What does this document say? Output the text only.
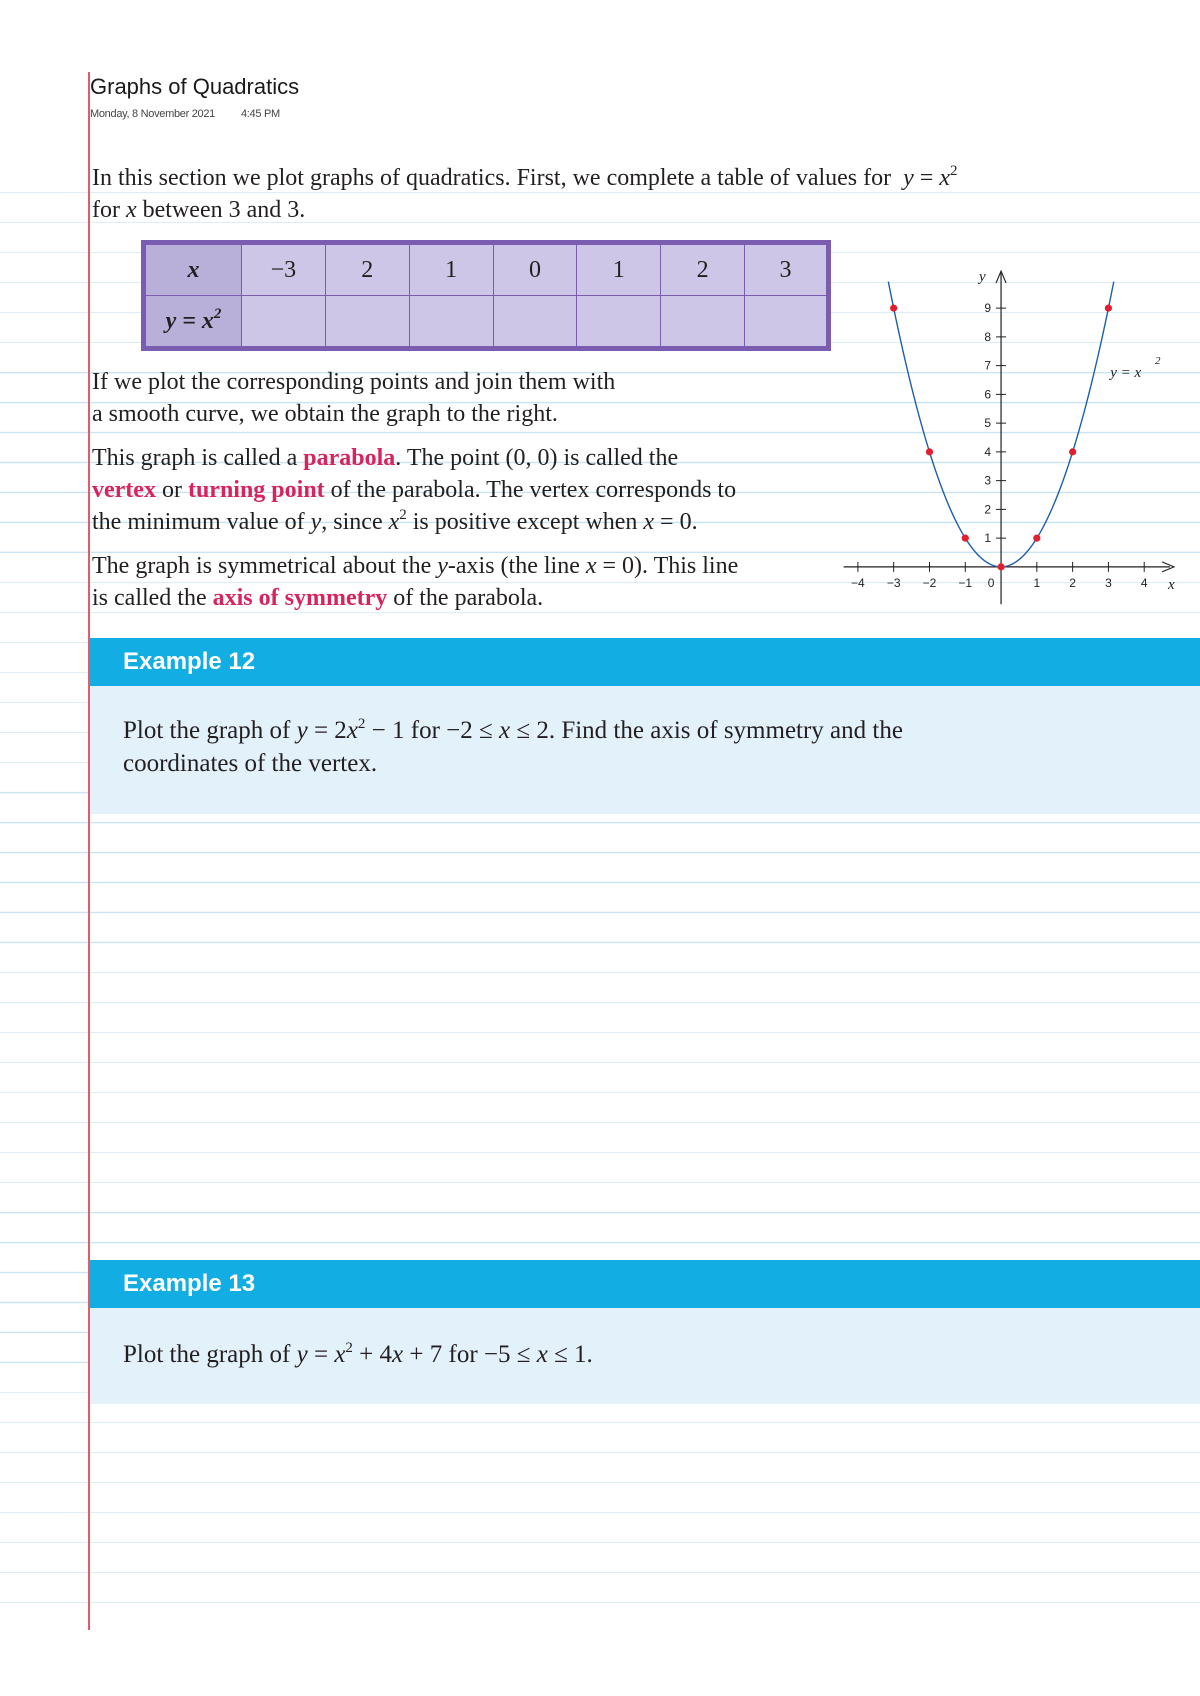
Graphs of Quadratics
Monday, 8 November 2021 4:45 PM
In this section we plot graphs of quadratics. First, we complete a table of values for $y = x^2$
for x between 3 and 3.
x	−3	2	1	0	1	2	3
$y = x^2$							
If we plot the corresponding points and join them with
a smooth curve, we obtain the graph to the right.
This graph is called a parabola. The point (0, 0) is called the
vertex or turning point of the parabola. The vertex corresponds to
the minimum value of y, since $x^2$ is positive except when x = 0.
The graph is symmetrical about the y-axis (the line x = 0). This line
is called the axis of symmetry of the parabola.
x
y
−4 −3 −2 −1 0	1 2 3 4
1
2
3
4
5
6
7
8
9
y = x
2
Example 12
Plot the graph of $y = 2x^2 - 1$ for −2 ≤ x ≤ 2. Find the axis of symmetry and the
coordinates of the vertex.
Example 13
Plot the graph of $y = x^2 + 4x + 7$ for −5 ≤ x ≤ 1.
